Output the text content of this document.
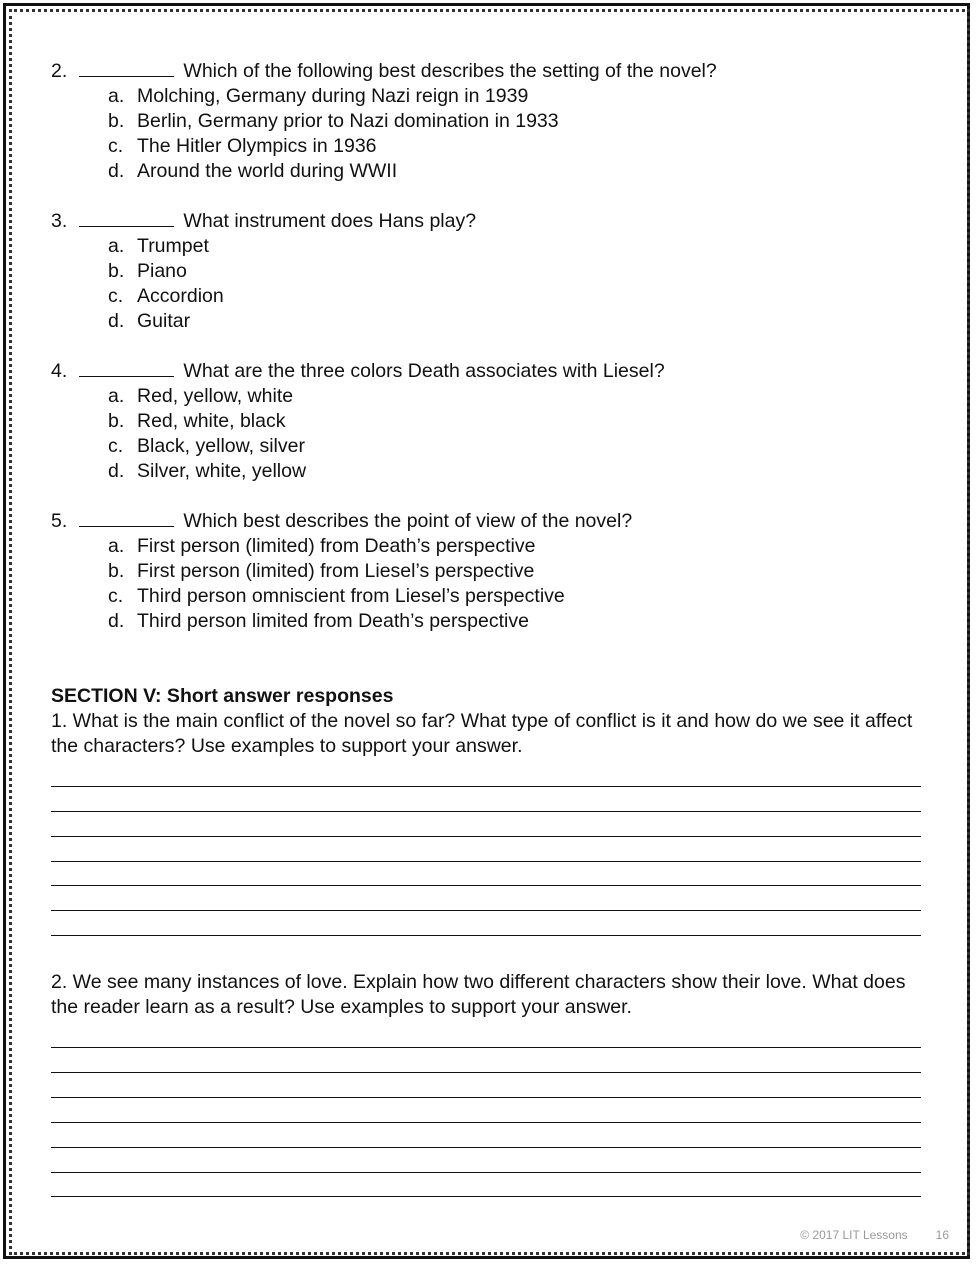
2.	Which of the following best describes the setting of the novel?
a. Molching, Germany during Nazi reign in 1939
b. Berlin, Germany prior to Nazi domination in 1933
c. The Hitler Olympics in 1936
d. Around the world during WWII
3.	What instrument does Hans play?
a. Trumpet
b. Piano
c. Accordion
d. Guitar
4.	What are the three colors Death associates with Liesel?
a. Red, yellow, white
b. Red, white, black
c. Black, yellow, silver
d. Silver, white, yellow
5.	Which best describes the point of view of the novel?
a. First person (limited) from Death’s perspective
b. First person (limited) from Liesel’s perspective
c. Third person omniscient from Liesel’s perspective
d. Third person limited from Death’s perspective
SECTION V: Short answer responses
1. What is the main conflict of the novel so far? What type of conflict is it and how do we see it affect the characters? Use examples to support your answer.
2. We see many instances of love. Explain how two different characters show their love. What does the reader learn as a result? Use examples to support your answer.
© 2017 LIT Lessons 16
